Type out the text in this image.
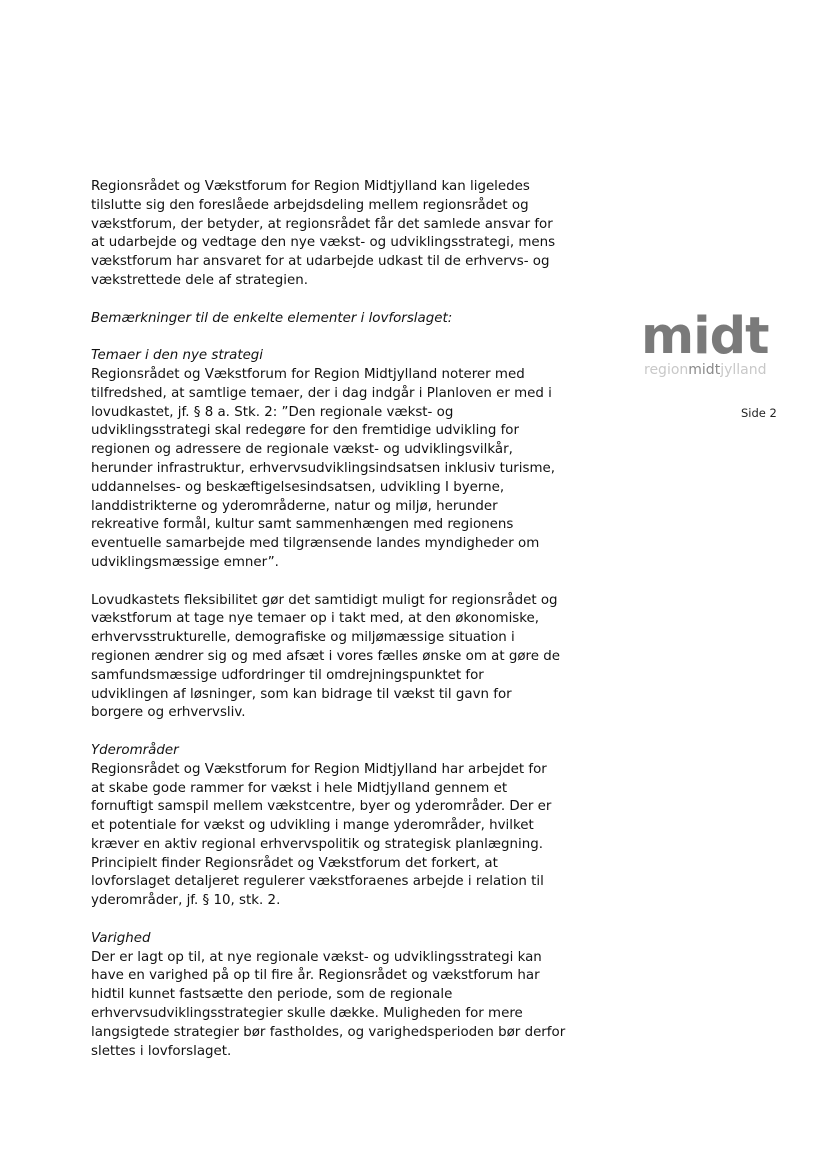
Regionsrådet og Vækstforum for Region Midtjylland kan ligeledes
tilslutte sig den foreslåede arbejdsdeling mellem regionsrådet og
vækstforum, der betyder, at regionsrådet får det samlede ansvar for
at udarbejde og vedtage den nye vækst- og udviklingsstrategi, mens
vækstforum har ansvaret for at udarbejde udkast til de erhvervs- og
vækstrettede dele af strategien.

Bemærkninger til de enkelte elementer i lovforslaget:

Temaer i den nye strategi

Regionsrådet og Vækstforum for Region Midtjylland noterer med
tilfredshed, at samtlige temaer, der i dag indgår i Planloven er med i
lovudkastet, jf. § 8 a. Stk. 2: ”Den regionale vækst- og
udviklingsstrategi skal redegøre for den fremtidige udvikling for
regionen og adressere de regionale vækst- og udviklingsvilkår,
herunder infrastruktur, erhvervsudviklingsindsatsen inklusiv turisme,
uddannelses- og beskæftigelsesindsatsen, udvikling I byerne,
landdistrikterne og yderområderne, natur og miljø, herunder
rekreative formål, kultur samt sammenhængen med regionens
eventuelle samarbejde med tilgrænsende landes myndigheder om
udviklingsmæssige emner”.

Lovudkastets fleksibilitet gør det samtidigt muligt for regionsrådet og
vækstforum at tage nye temaer op i takt med, at den økonomiske,
erhvervsstrukturelle, demografiske og miljømæssige situation i
regionen ændrer sig og med afsæt i vores fælles ønske om at gøre de
samfundsmæssige udfordringer til omdrejningspunktet for
udviklingen af løsninger, som kan bidrage til vækst til gavn for
borgere og erhvervsliv.

Yderområder

Regionsrådet og Vækstforum for Region Midtjylland har arbejdet for
at skabe gode rammer for vækst i hele Midtjylland gennem et
fornuftigt samspil mellem vækstcentre, byer og yderområder. Der er
et potentiale for vækst og udvikling i mange yderområder, hvilket
kræver en aktiv regional erhvervspolitik og strategisk planlægning.
Principielt finder Regionsrådet og Vækstforum det forkert, at
lovforslaget detaljeret regulerer vækstforaenes arbejde i relation til
yderområder, jf. § 10, stk. 2.

Varighed

Der er lagt op til, at nye regionale vækst- og udviklingsstrategi kan
have en varighed på op til fire år. Regionsrådet og vækstforum har
hidtil kunnet fastsætte den periode, som de regionale
erhvervsudviklingsstrategier skulle dække. Muligheden for mere
langsigtede strategier bør fastholdes, og varighedsperioden bør derfor
slettes i lovforslaget.

midt
regionmidtjylland
Side 2
